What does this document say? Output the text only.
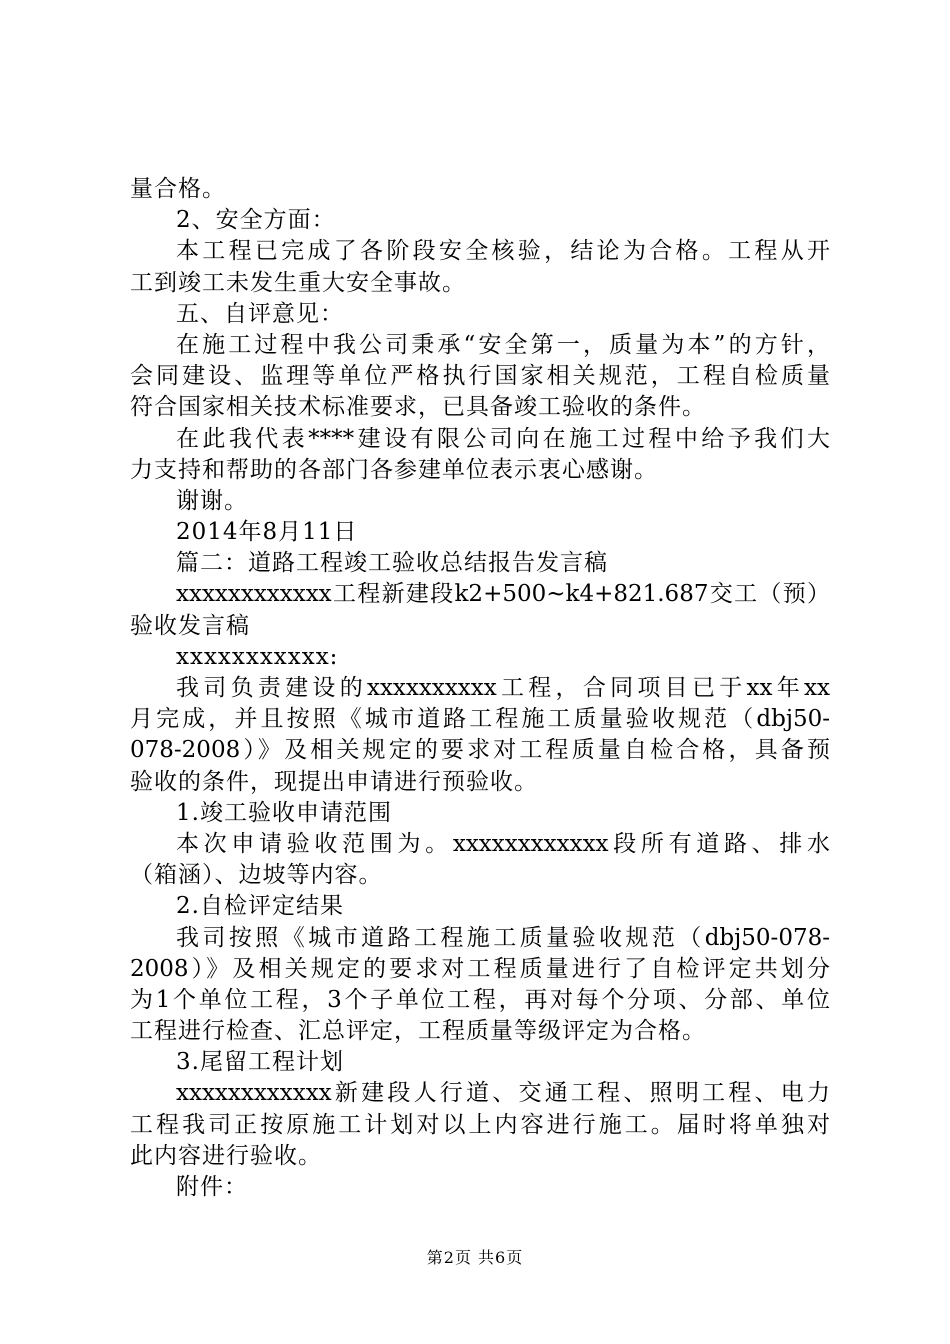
量合格。
2、安全方面：
本工程已完成了各阶段安全核验，结论为合格。工程从开
工到竣工未发生重大安全事故。
五、自评意见：
在施工过程中我公司秉承“安全第一，质量为本”的方针，
会同建设、监理等单位严格执行国家相关规范，工程自检质量
符合国家相关技术标准要求，已具备竣工验收的条件。
在此我代表****建设有限公司向在施工过程中给予我们大
力支持和帮助的各部门各参建单位表示衷心感谢。
谢谢。
2014年8月11日
篇二：道路工程竣工验收总结报告发言稿
xxxxxxxxxxxx工程新建段k2+500~k4+821.687交工（预）
验收发言稿
xxxxxxxxxxx:
我司负责建设的xxxxxxxxxx工程，合同项目已于xx年xx
月完成，并且按照《城市道路工程施工质量验收规范（dbj50-
078-2008）》及相关规定的要求对工程质量自检合格，具备预
验收的条件，现提出申请进行预验收。
1.竣工验收申请范围
本次申请验收范围为。xxxxxxxxxxxx段所有道路、排水
（箱涵）、边坡等内容。
2.自检评定结果
我司按照《城市道路工程施工质量验收规范（dbj50-078-
2008）》及相关规定的要求对工程质量进行了自检评定共划分
为1个单位工程，3个子单位工程，再对每个分项、分部、单位
工程进行检查、汇总评定，工程质量等级评定为合格。
3.尾留工程计划
xxxxxxxxxxxx新建段人行道、交通工程、照明工程、电力
工程我司正按原施工计划对以上内容进行施工。届时将单独对
此内容进行验收。
附件：
第2页 共6页
